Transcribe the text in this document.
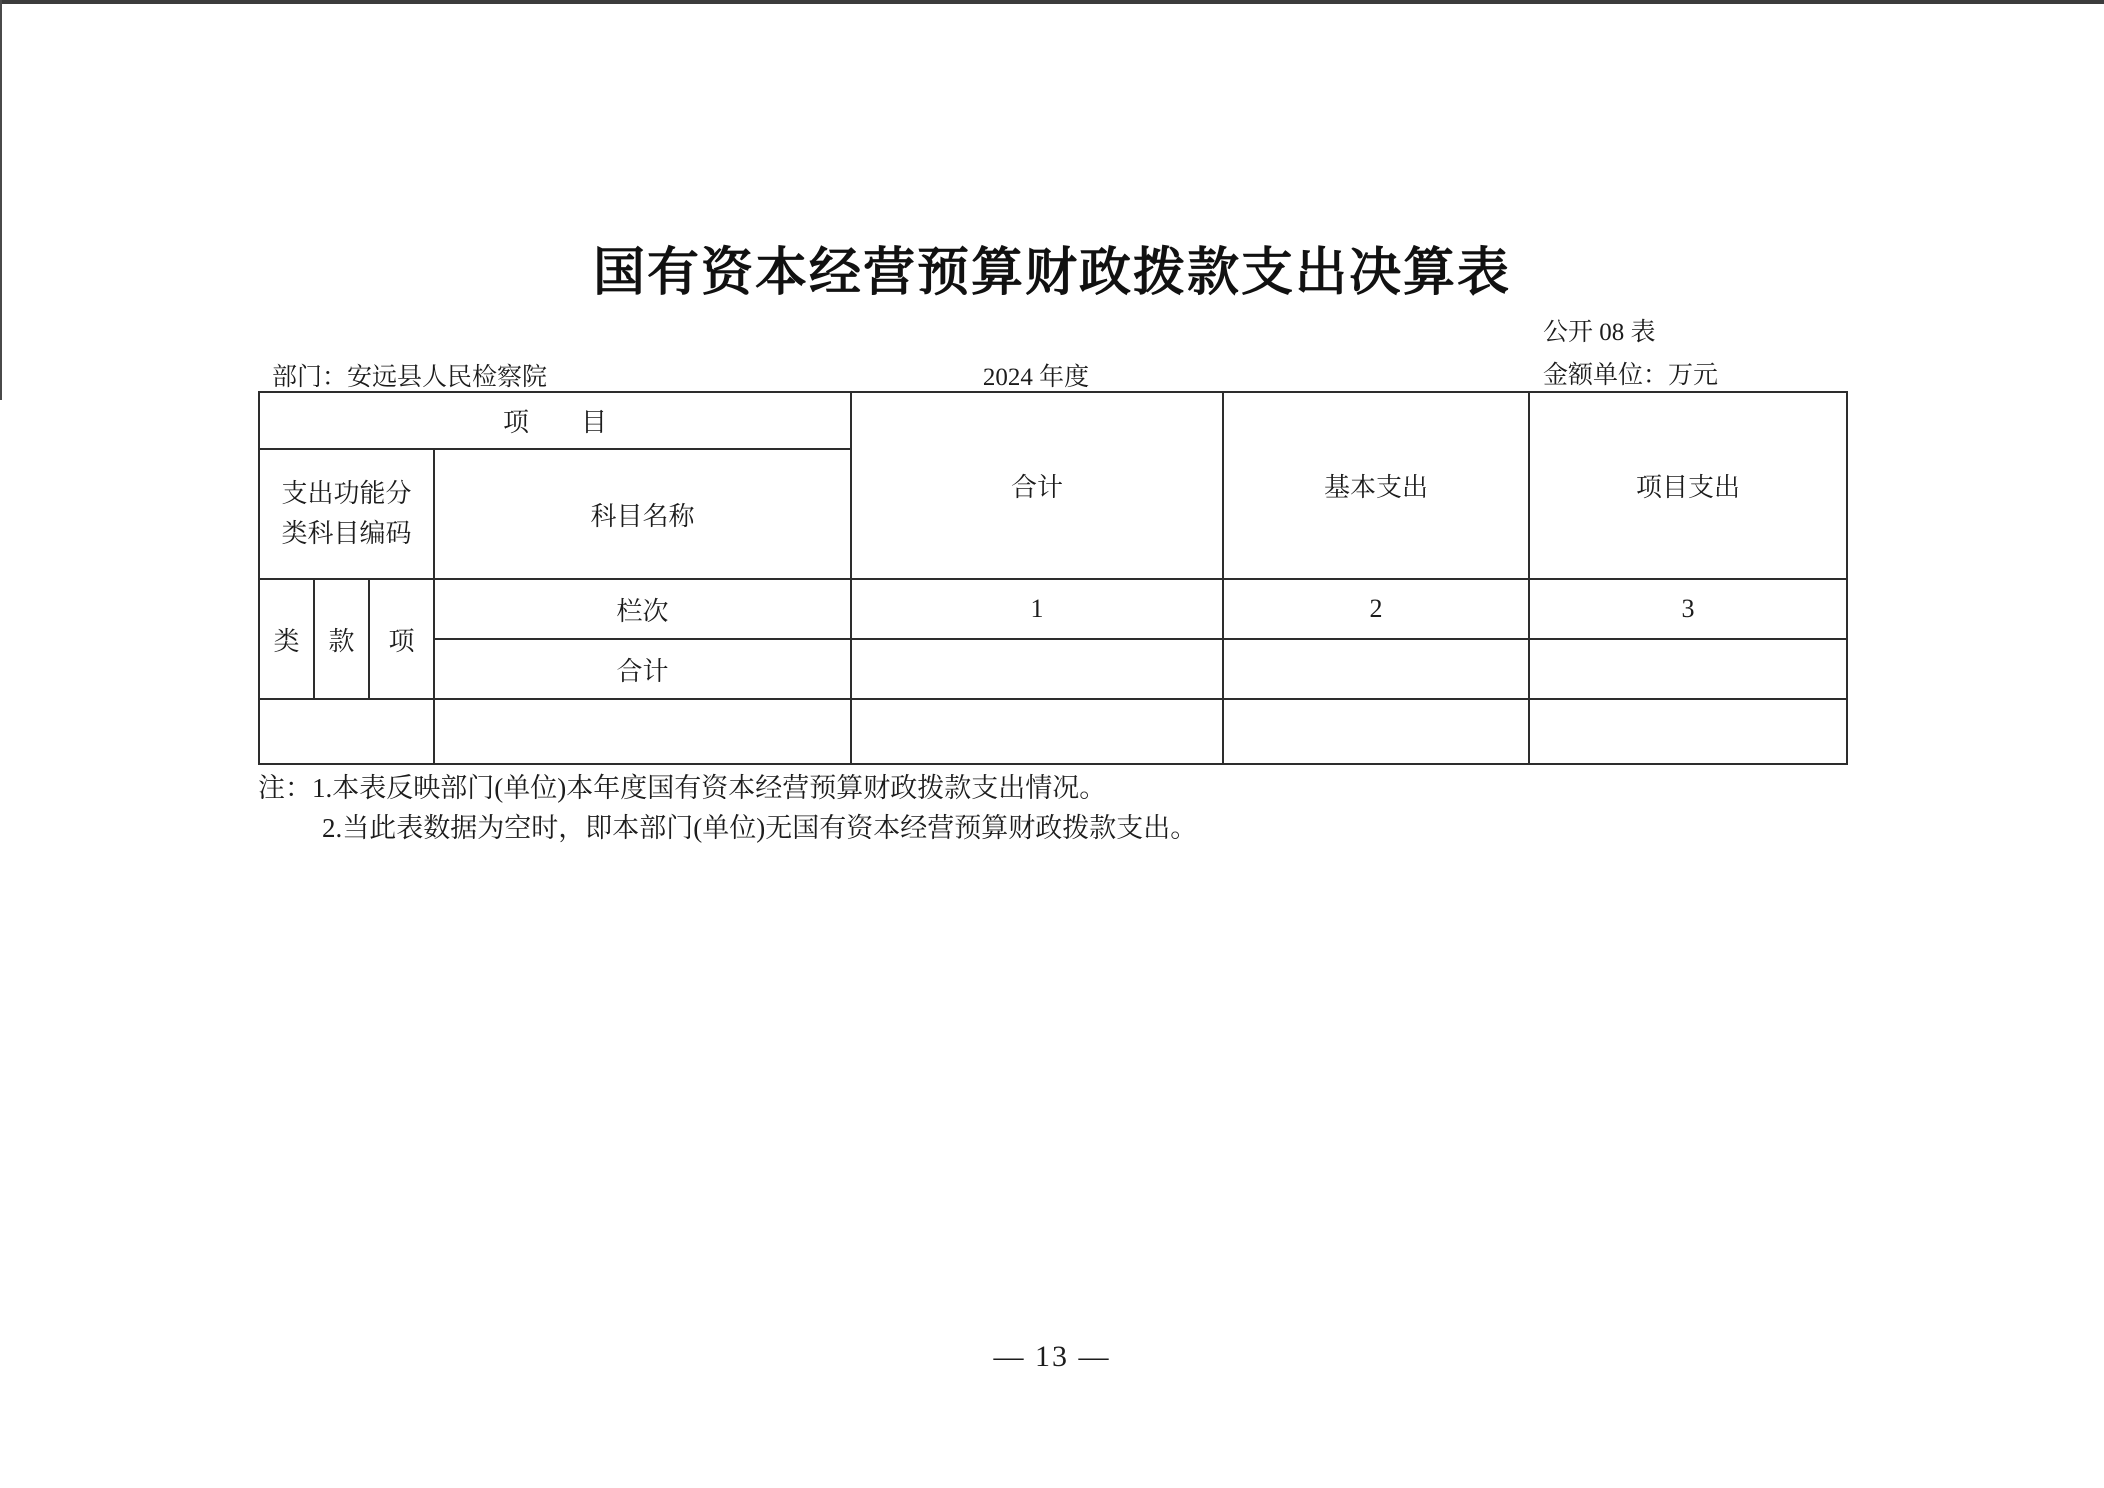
国有资本经营预算财政拨款支出决算表
公开 08 表
部门：安远县人民检察院	2024 年度	金额单位：万元
项　　目				合计	基本支出	项目支出

支出功能分
类科目编码			科目名称			
类	款	项	栏次	1	2	3
			合计			

注：1.本表反映部门(单位)本年度国有资本经营预算财政拨款支出情况。
2.当此表数据为空时，即本部门(单位)无国有资本经营预算财政拨款支出。
— 13 —
